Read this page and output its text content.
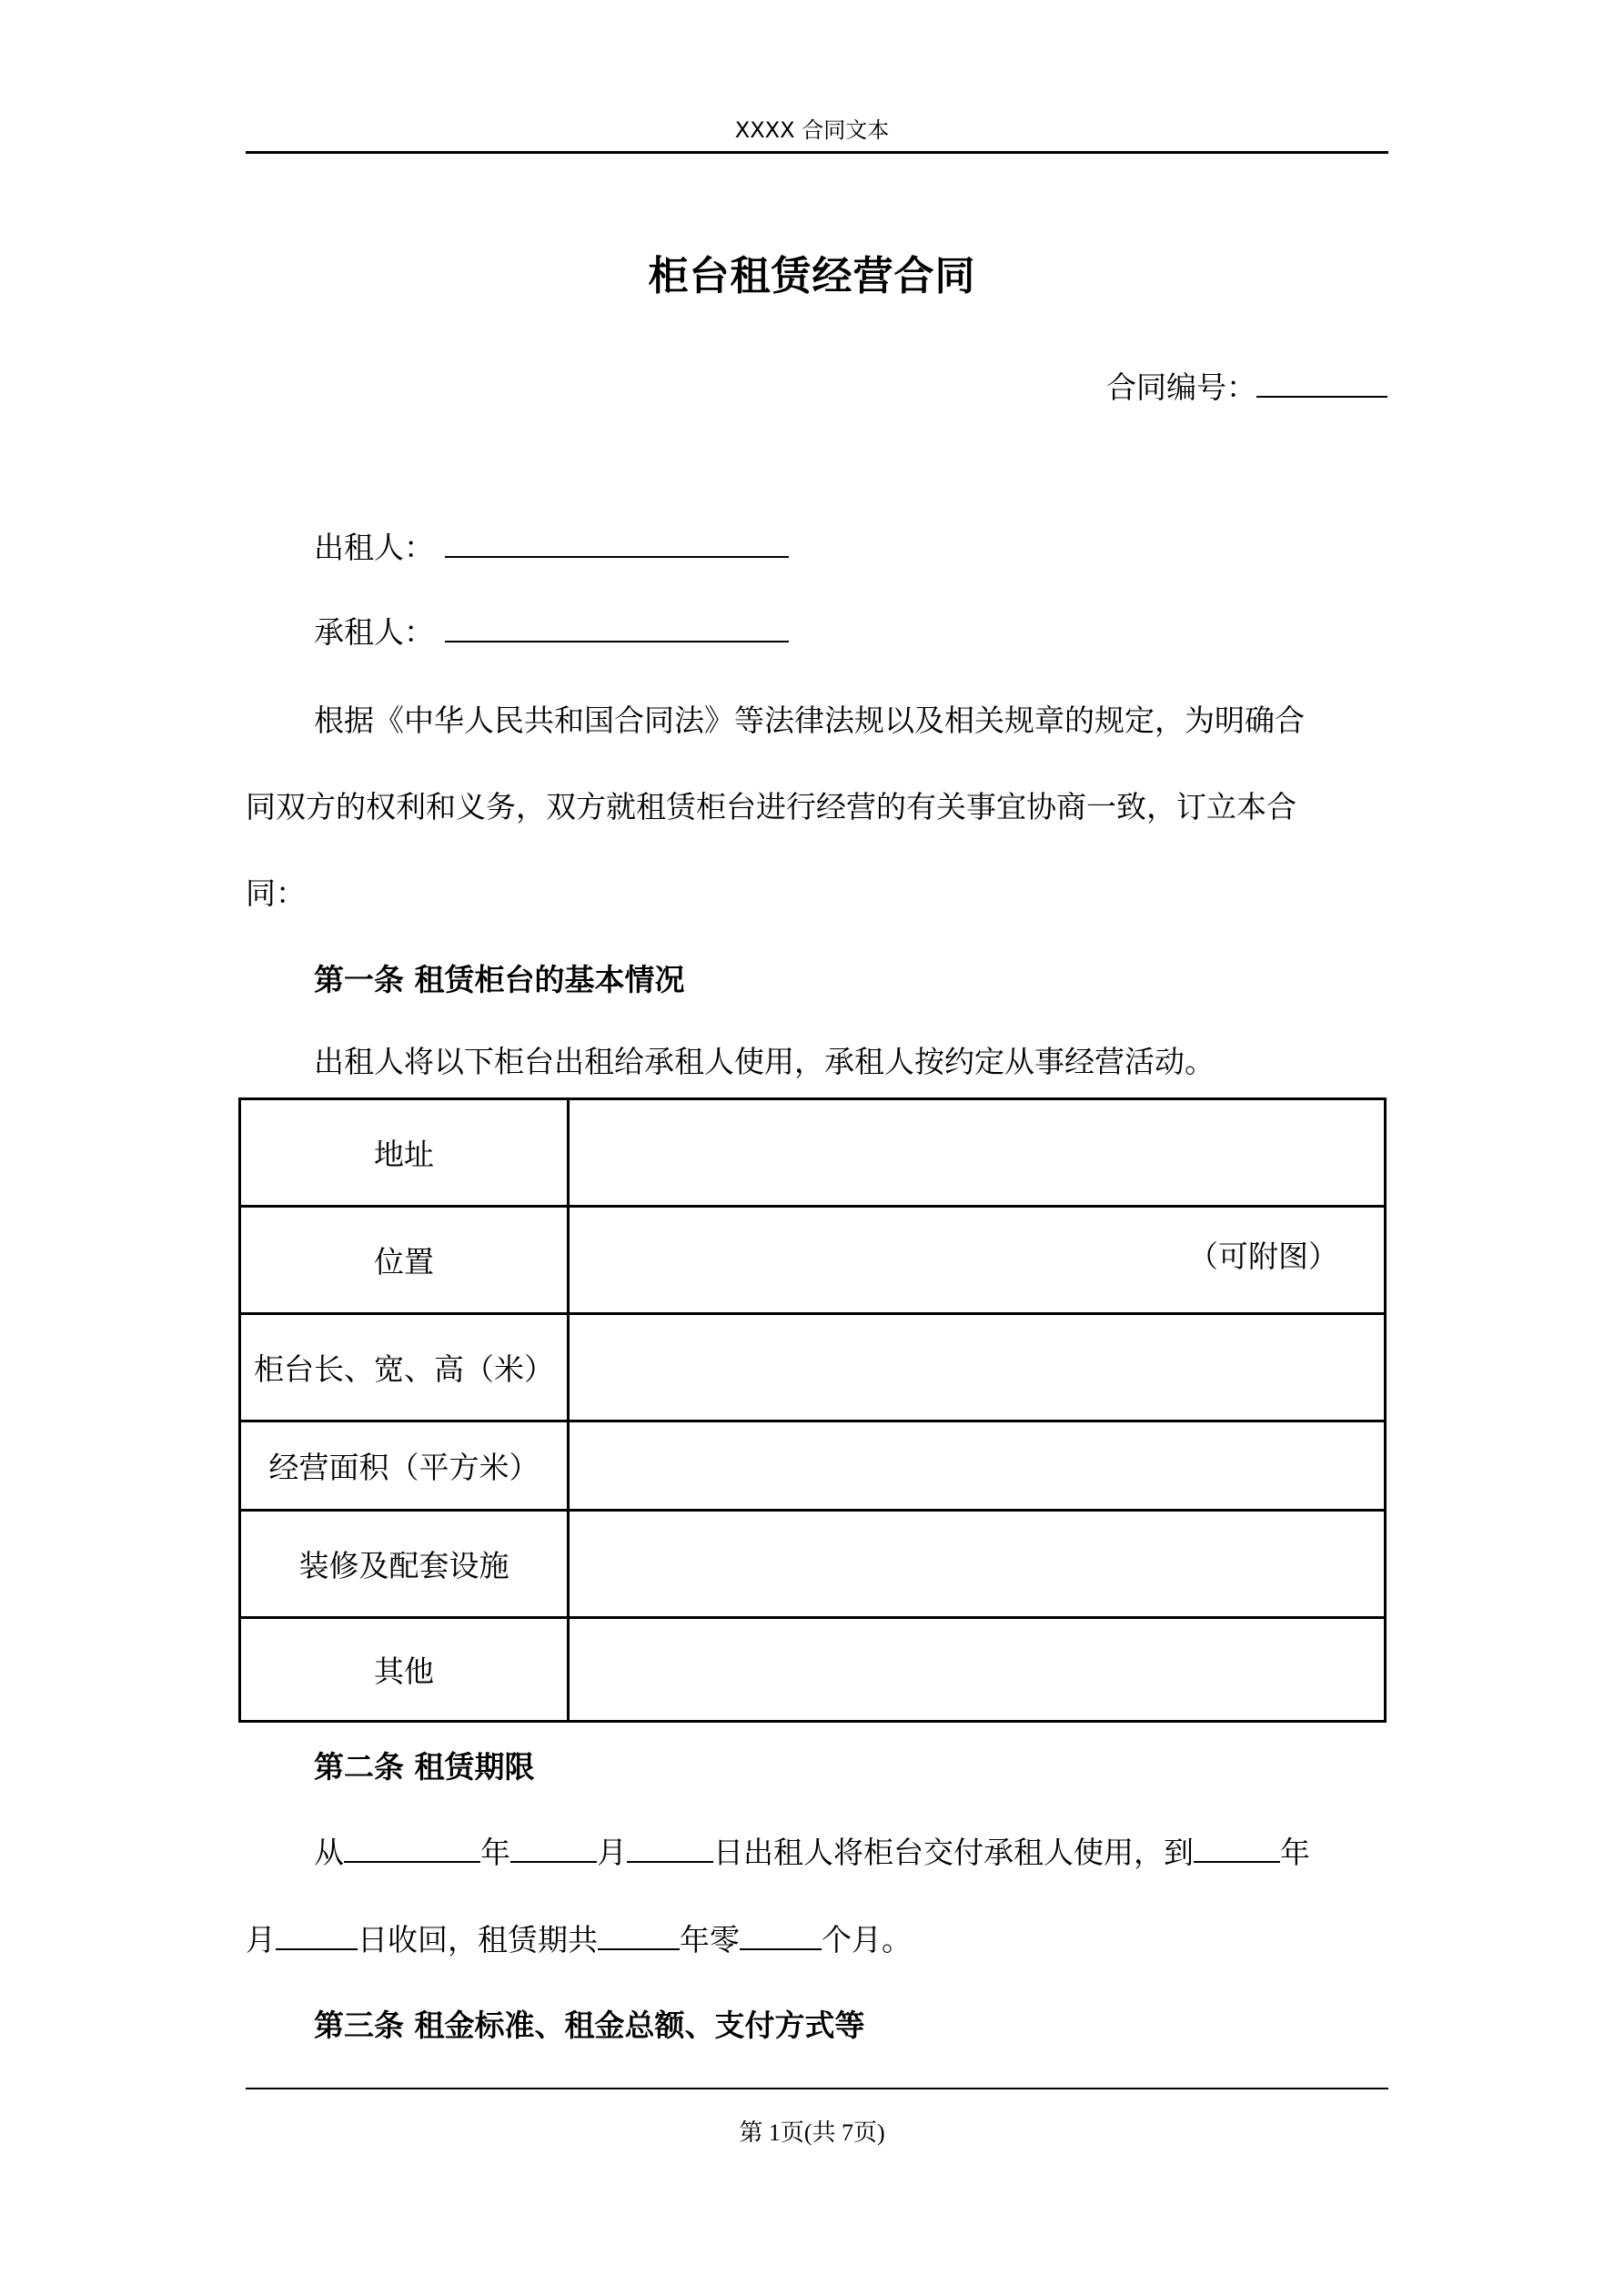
XXXX 合同文本
柜台租赁经营合同
合同编号：
出租人：
承租人：
根据《中华人民共和国合同法》等法律法规以及相关规章的规定，为明确合
同双方的权利和义务，双方就租赁柜台进行经营的有关事宜协商一致，订立本合
同：
第一条 租赁柜台的基本情况
出租人将以下柜台出租给承租人使用，承租人按约定从事经营活动。
地址	
位置	（可附图）

柜台长、宽、高（米）	
经营面积（平方米）	
装修及配套设施	
其他	
第二条 租赁期限
从	年	月	日出租人将柜台交付承租人使用，到	年
月	日收回，租赁期共	年零	个月。
第三条 租金标准、租金总额、支付方式等
第 1页(共 7页)
